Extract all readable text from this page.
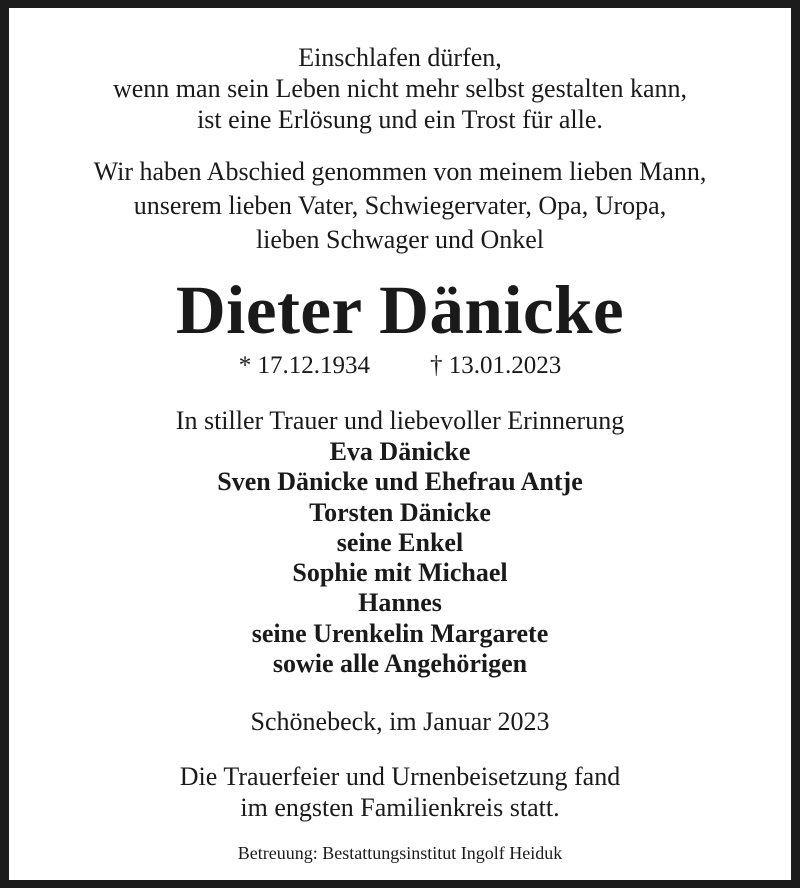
Einschlafen dürfen,
wenn man sein Leben nicht mehr selbst gestalten kann,
ist eine Erlösung und ein Trost für alle.
Wir haben Abschied genommen von meinem lieben Mann,
unserem lieben Vater, Schwiegervater, Opa, Uropa,
lieben Schwager und Onkel
Dieter Dänicke
* 17.12.1934 † 13.01.2023
In stiller Trauer und liebevoller Erinnerung
Eva Dänicke
Sven Dänicke und Ehefrau Antje
Torsten Dänicke
seine Enkel
Sophie mit Michael
Hannes
seine Urenkelin Margarete
sowie alle Angehörigen
Schönebeck, im Januar 2023
Die Trauerfeier und Urnenbeisetzung fand
im engsten Familienkreis statt.
Betreuung: Bestattungsinstitut Ingolf Heiduk
